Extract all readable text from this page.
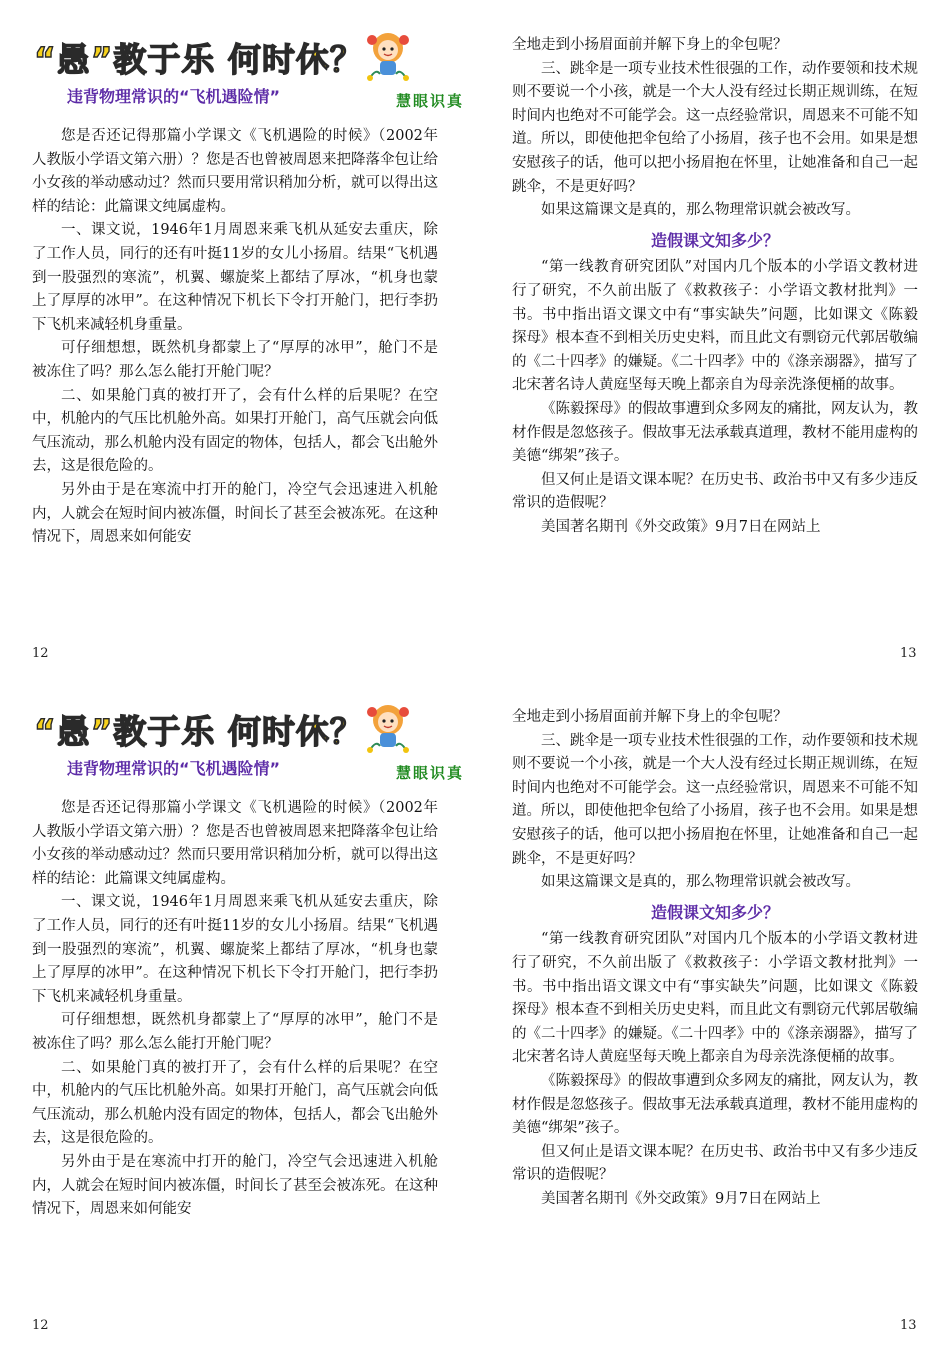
“愚”教于乐 何时休？
违背物理常识的“飞机遇险情”	慧眼识真

您是否还记得那篇小学课文《飞机遇险的时候》（2002年人教版小学语文第六册）？您是否也曾被周恩来把降落伞包让给小女孩的举动感动过？然而只要用常识稍加分析，就可以得出这样的结论：此篇课文纯属虚构。

一、课文说，1946年1月周恩来乘飞机从延安去重庆，除了工作人员，同行的还有叶挺11岁的女儿小扬眉。结果“飞机遇到一股强烈的寒流”，机翼、螺旋桨上都结了厚冰，“机身也蒙上了厚厚的冰甲”。在这种情况下机长下令打开舱门，把行李扔下飞机来减轻机身重量。

可仔细想想，既然机身都蒙上了“厚厚的冰甲”，舱门不是被冻住了吗？那么怎么能打开舱门呢？

二、如果舱门真的被打开了，会有什么样的后果呢？在空中，机舱内的气压比机舱外高。如果打开舱门，高气压就会向低气压流动，那么机舱内没有固定的物体，包括人，都会飞出舱外去，这是很危险的。

另外由于是在寒流中打开的舱门，冷空气会迅速进入机舱内，人就会在短时间内被冻僵，时间长了甚至会被冻死。在这种情况下，周恩来如何能安

12

全地走到小扬眉面前并解下身上的伞包呢？

三、跳伞是一项专业技术性很强的工作，动作要领和技术规则不要说一个小孩，就是一个大人没有经过长期正规训练，在短时间内也绝对不可能学会。这一点经验常识，周恩来不可能不知道。所以，即使他把伞包给了小扬眉，孩子也不会用。如果是想安慰孩子的话，他可以把小扬眉抱在怀里，让她准备和自己一起跳伞，不是更好吗？

如果这篇课文是真的，那么物理常识就会被改写。

造假课文知多少？

“第一线教育研究团队”对国内几个版本的小学语文教材进行了研究，不久前出版了《救救孩子：小学语文教材批判》一书。书中指出语文课文中有“事实缺失”问题，比如课文《陈毅探母》根本查不到相关历史史料，而且此文有剽窃元代郭居敬编的《二十四孝》的嫌疑。《二十四孝》中的《涤亲溺器》，描写了北宋著名诗人黄庭坚每天晚上都亲自为母亲洗涤便桶的故事。

《陈毅探母》的假故事遭到众多网友的痛批，网友认为，教材作假是忽悠孩子。假故事无法承载真道理，教材不能用虚构的美德“绑架”孩子。

但又何止是语文课本呢？在历史书、政治书中又有多少违反常识的造假呢？

美国著名期刊《外交政策》9月7日在网站上

13
“愚”教于乐 何时休？
违背物理常识的“飞机遇险情”	慧眼识真

您是否还记得那篇小学课文《飞机遇险的时候》（2002年人教版小学语文第六册）？您是否也曾被周恩来把降落伞包让给小女孩的举动感动过？然而只要用常识稍加分析，就可以得出这样的结论：此篇课文纯属虚构。

一、课文说，1946年1月周恩来乘飞机从延安去重庆，除了工作人员，同行的还有叶挺11岁的女儿小扬眉。结果“飞机遇到一股强烈的寒流”，机翼、螺旋桨上都结了厚冰，“机身也蒙上了厚厚的冰甲”。在这种情况下机长下令打开舱门，把行李扔下飞机来减轻机身重量。

可仔细想想，既然机身都蒙上了“厚厚的冰甲”，舱门不是被冻住了吗？那么怎么能打开舱门呢？

二、如果舱门真的被打开了，会有什么样的后果呢？在空中，机舱内的气压比机舱外高。如果打开舱门，高气压就会向低气压流动，那么机舱内没有固定的物体，包括人，都会飞出舱外去，这是很危险的。

另外由于是在寒流中打开的舱门，冷空气会迅速进入机舱内，人就会在短时间内被冻僵，时间长了甚至会被冻死。在这种情况下，周恩来如何能安

12

全地走到小扬眉面前并解下身上的伞包呢？

三、跳伞是一项专业技术性很强的工作，动作要领和技术规则不要说一个小孩，就是一个大人没有经过长期正规训练，在短时间内也绝对不可能学会。这一点经验常识，周恩来不可能不知道。所以，即使他把伞包给了小扬眉，孩子也不会用。如果是想安慰孩子的话，他可以把小扬眉抱在怀里，让她准备和自己一起跳伞，不是更好吗？

如果这篇课文是真的，那么物理常识就会被改写。

造假课文知多少？

“第一线教育研究团队”对国内几个版本的小学语文教材进行了研究，不久前出版了《救救孩子：小学语文教材批判》一书。书中指出语文课文中有“事实缺失”问题，比如课文《陈毅探母》根本查不到相关历史史料，而且此文有剽窃元代郭居敬编的《二十四孝》的嫌疑。《二十四孝》中的《涤亲溺器》，描写了北宋著名诗人黄庭坚每天晚上都亲自为母亲洗涤便桶的故事。

《陈毅探母》的假故事遭到众多网友的痛批，网友认为，教材作假是忽悠孩子。假故事无法承载真道理，教材不能用虚构的美德“绑架”孩子。

但又何止是语文课本呢？在历史书、政治书中又有多少违反常识的造假呢？

美国著名期刊《外交政策》9月7日在网站上

13
